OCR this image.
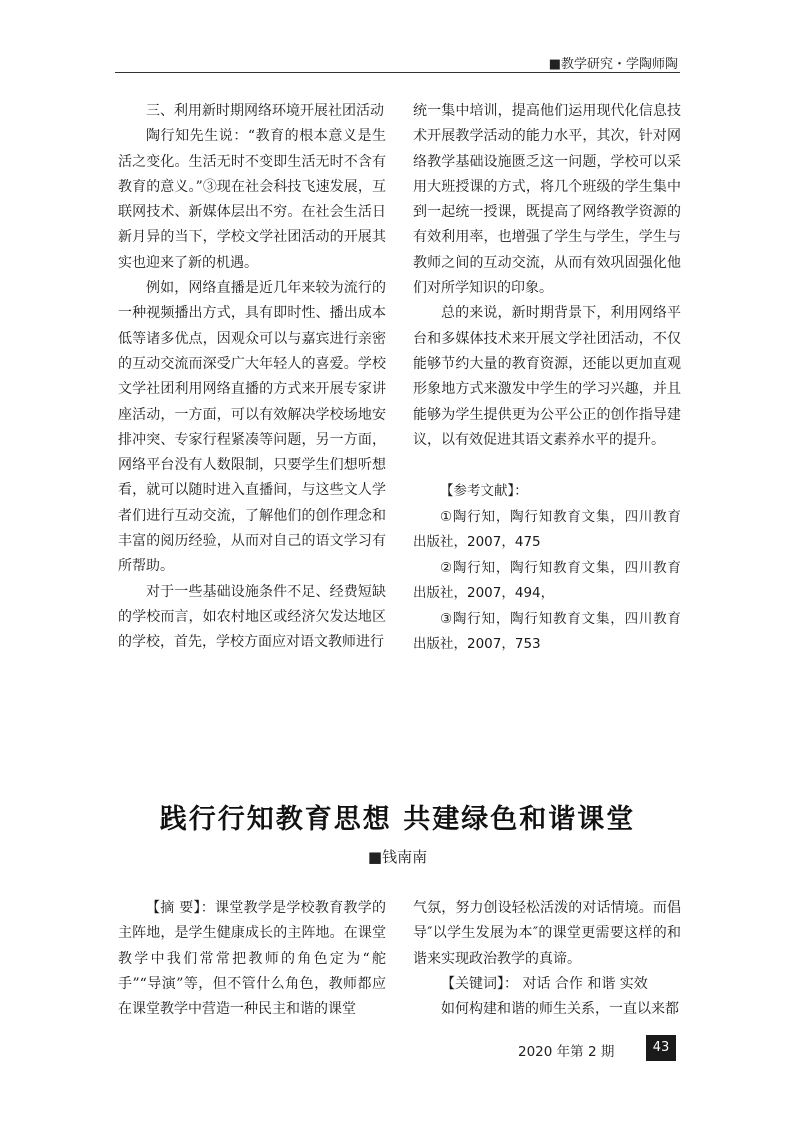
■教学研究・学陶师陶

三、利用新时期网络环境开展社团活动

陶行知先生说：“教育的根本意义是生活之变化。生活无时不变即生活无时不含有教育的意义。”③现在社会科技飞速发展，互联网技术、新媒体层出不穷。在社会生活日新月异的当下，学校文学社团活动的开展其实也迎来了新的机遇。

例如，网络直播是近几年来较为流行的一种视频播出方式，具有即时性、播出成本低等诸多优点，因观众可以与嘉宾进行亲密的互动交流而深受广大年轻人的喜爱。学校文学社团利用网络直播的方式来开展专家讲座活动，一方面，可以有效解决学校场地安排冲突、专家行程紧凑等问题，另一方面，网络平台没有人数限制，只要学生们想听想看，就可以随时进入直播间，与这些文人学者们进行互动交流，了解他们的创作理念和丰富的阅历经验，从而对自己的语文学习有所帮助。

对于一些基础设施条件不足、经费短缺的学校而言，如农村地区或经济欠发达地区的学校，首先，学校方面应对语文教师进行

统一集中培训，提高他们运用现代化信息技术开展教学活动的能力水平，其次，针对网络教学基础设施匮乏这一问题，学校可以采用大班授课的方式，将几个班级的学生集中到一起统一授课，既提高了网络教学资源的有效利用率，也增强了学生与学生，学生与教师之间的互动交流，从而有效巩固强化他们对所学知识的印象。

总的来说，新时期背景下，利用网络平台和多媒体技术来开展文学社团活动，不仅能够节约大量的教育资源，还能以更加直观形象地方式来激发中学生的学习兴趣，并且能够为学生提供更为公平公正的创作指导建议，以有效促进其语文素养水平的提升。

【参考文献】：

①陶行知，陶行知教育文集，四川教育出版社，2007，475

②陶行知，陶行知教育文集，四川教育出版社，2007，494，

③陶行知，陶行知教育文集，四川教育出版社，2007，753

践行行知教育思想 共建绿色和谐课堂
■钱南南

【摘 要】：课堂教学是学校教育教学的主阵地，是学生健康成长的主阵地。在课堂教学中我们常常把教师的角色定为“舵手”“导演”等，但不管什么角色，教师都应在课堂教学中营造一种民主和谐的课堂

气氛，努力创设轻松活泼的对话情境。而倡导″以学生发展为本″的课堂更需要这样的和谐来实现政治教学的真谛。

【关键词】： 对话 合作 和谐 实效

如何构建和谐的师生关系，一直以来都

2020 年第 2 期	43
